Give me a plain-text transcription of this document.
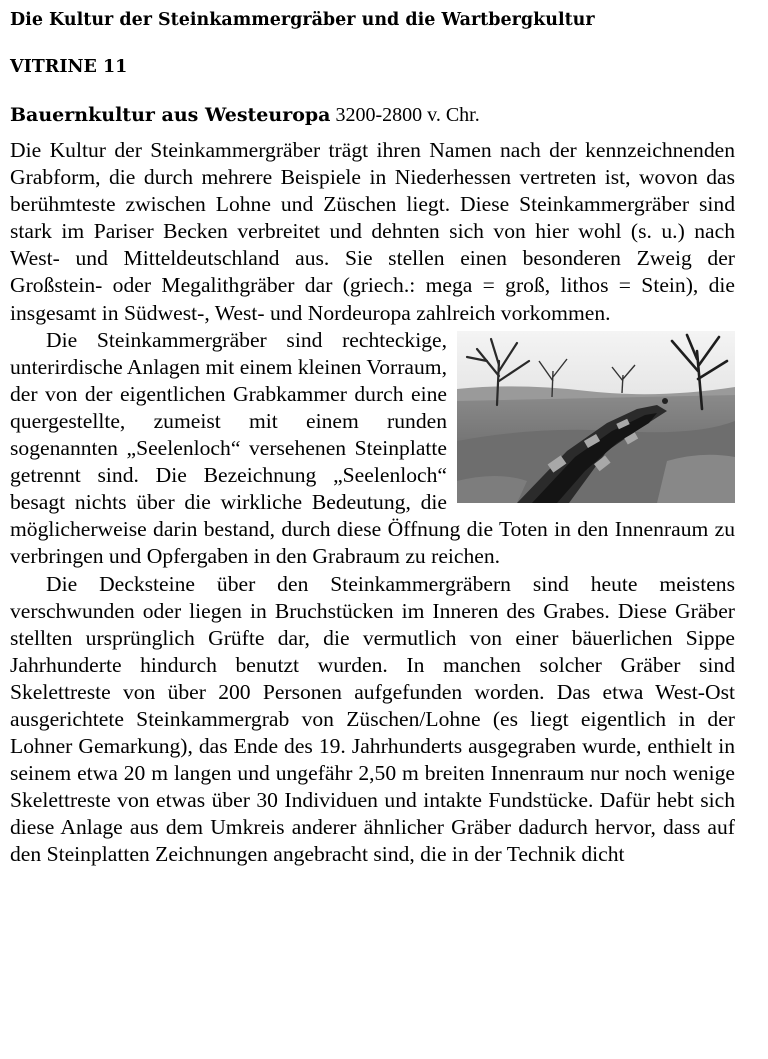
Die Kultur der Steinkammergräber und die Wartbergkultur
VITRINE 11
Bauernkultur aus Westeuropa 3200-2800 v. Chr.

Die Kultur der Steinkammergräber trägt ihren Namen nach der kennzeichnenden Grabform, die durch mehrere Beispiele in Niederhessen vertreten ist, wovon das berühmteste zwischen Lohne und Züschen liegt. Diese Steinkammergräber sind stark im Pariser Becken verbreitet und dehnten sich von hier wohl (s. u.) nach West- und Mitteldeutschland aus. Sie stellen einen besonderen Zweig der Großstein- oder Megalithgräber dar (griech.: mega = groß, lithos = Stein), die insgesamt in Südwest-, West- und Nordeuropa zahlreich vorkommen.

Die Steinkammergräber sind rechteckige, unterirdische Anlagen mit einem kleinen Vorraum, der von der eigentlichen Grabkammer durch eine quergestellte, zumeist mit einem runden sogenannten „Seelenloch“ versehenen Steinplatte getrennt sind. Die Bezeichnung „Seelenloch“ besagt nichts über die wirkliche Bedeutung, die möglicherweise darin bestand, durch diese Öffnung die Toten in den Innenraum zu verbringen und Opfergaben in den Grabraum zu reichen.

Die Decksteine über den Steinkammergräbern sind heute meistens verschwunden oder liegen in Bruchstücken im Inneren des Grabes. Diese Gräber stellten ursprünglich Grüfte dar, die vermutlich von einer bäuerlichen Sippe Jahrhunderte hindurch benutzt wurden. In manchen solcher Gräber sind Skelettreste von über 200 Personen aufgefunden worden. Das etwa West-Ost ausgerichtete Steinkammergrab von Züschen/Lohne (es liegt eigentlich in der Lohner Gemarkung), das Ende des 19. Jahrhunderts ausgegraben wurde, enthielt in seinem etwa 20 m langen und ungefähr 2,50 m breiten Innenraum nur noch wenige Skelettreste von etwas über 30 Individuen und intakte Fundstücke. Dafür hebt sich diese Anlage aus dem Umkreis anderer ähnlicher Gräber dadurch hervor, dass auf den Steinplatten Zeichnungen angebracht sind, die in der Technik dicht
